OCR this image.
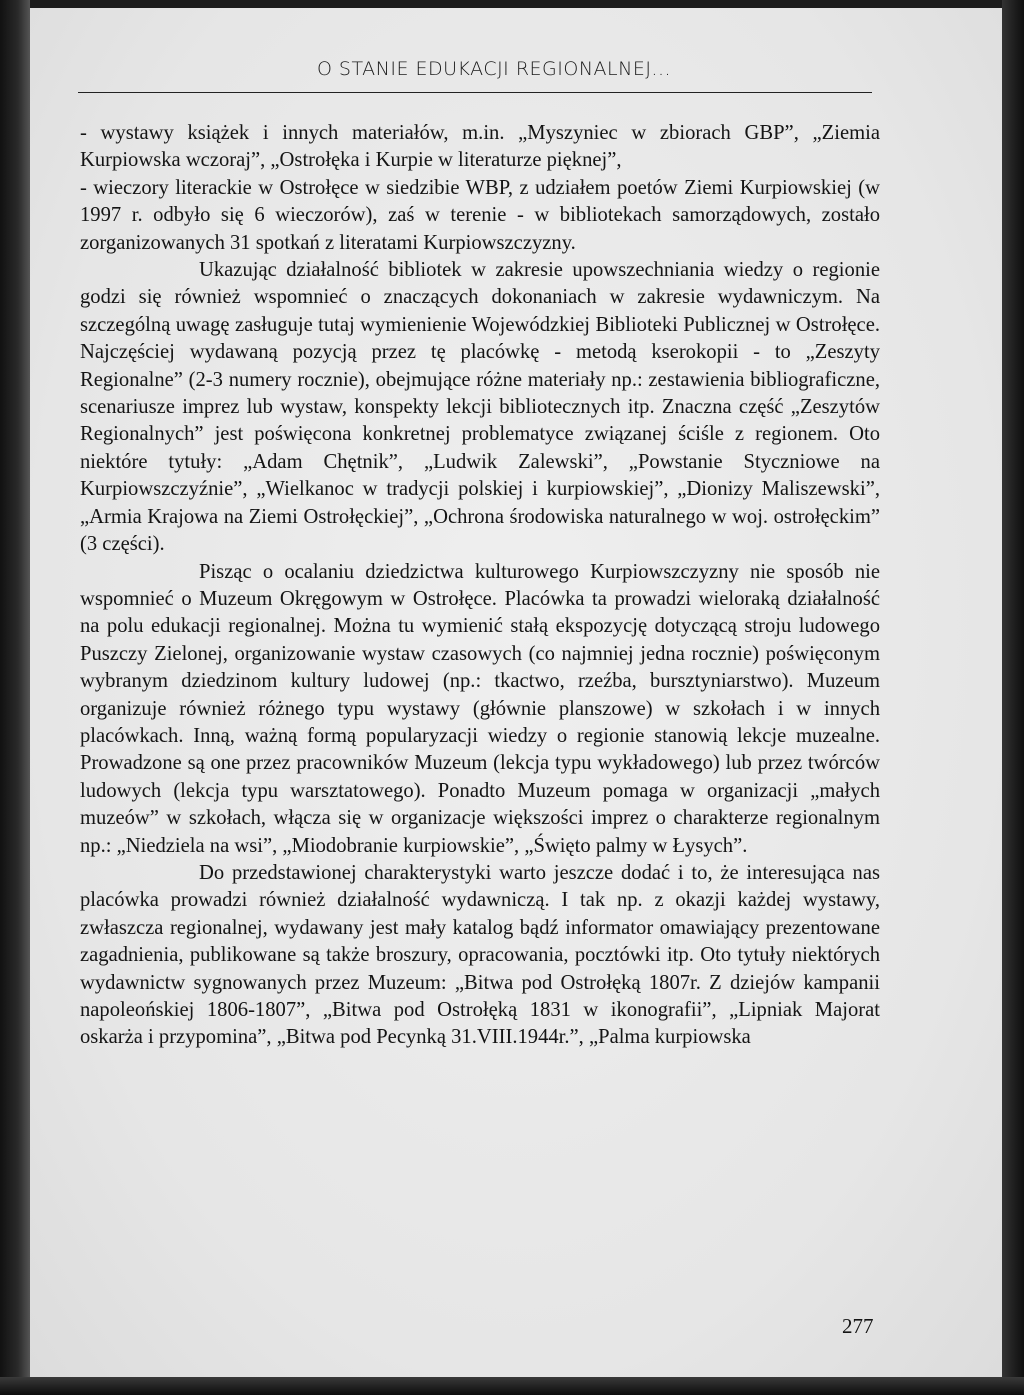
O STANIE EDUKACJI REGIONALNEJ...

- wystawy książek i innych materiałów, m.in. „Myszyniec w zbiorach GBP”, „Ziemia Kurpiowska wczoraj”, „Ostrołęka i Kurpie w literaturze pięknej”,

- wieczory literackie w Ostrołęce w siedzibie WBP, z udziałem poetów Ziemi Kurpiowskiej (w 1997 r. odbyło się 6 wieczorów), zaś w terenie - w bibliotekach samorządowych, zostało zorganizowanych 31 spotkań z literatami Kurpiowszczyzny.

Ukazując działalność bibliotek w zakresie upowszechniania wiedzy o regionie godzi się również wspomnieć o znaczących dokonaniach w zakresie wydawniczym. Na szczególną uwagę zasługuje tutaj wymienienie Wojewódzkiej Biblioteki Publicznej w Ostrołęce. Najczęściej wydawaną pozycją przez tę placówkę - metodą kserokopii - to „Zeszyty Regionalne” (2-3 numery rocznie), obejmujące różne materiały np.: zestawienia bibliograficzne, scenariusze imprez lub wystaw, konspekty lekcji bibliotecznych itp. Znaczna część „Zeszytów Regionalnych” jest poświęcona konkretnej problematyce związanej ściśle z regionem. Oto niektóre tytuły: „Adam Chętnik”, „Ludwik Zalewski”, „Powstanie Styczniowe na Kurpiowszczyźnie”, „Wielkanoc w tradycji polskiej i kurpiowskiej”, „Dionizy Maliszewski”, „Armia Krajowa na Ziemi Ostrołęckiej”, „Ochrona środowiska naturalnego w woj. ostrołęckim” (3 części).

Pisząc o ocalaniu dziedzictwa kulturowego Kurpiowszczyzny nie sposób nie wspomnieć o Muzeum Okręgowym w Ostrołęce. Placówka ta prowadzi wieloraką działalność na polu edukacji regionalnej. Można tu wymienić stałą ekspozycję dotyczącą stroju ludowego Puszczy Zielonej, organizowanie wystaw czasowych (co najmniej jedna rocznie) poświęconym wybranym dziedzinom kultury ludowej (np.: tkactwo, rzeźba, bursztyniarstwo). Muzeum organizuje również różnego typu wystawy (głównie planszowe) w szkołach i w innych placówkach. Inną, ważną formą popularyzacji wiedzy o regionie stanowią lekcje muzealne. Prowadzone są one przez pracowników Muzeum (lekcja typu wykładowego) lub przez twórców ludowych (lekcja typu warsztatowego). Ponadto Muzeum pomaga w organizacji „małych muzeów” w szkołach, włącza się w organizacje większości imprez o charakterze regionalnym np.: „Niedziela na wsi”, „Miodobranie kurpiowskie”, „Święto palmy w Łysych”.

Do przedstawionej charakterystyki warto jeszcze dodać i to, że interesująca nas placówka prowadzi również działalność wydawniczą. I tak np. z okazji każdej wystawy, zwłaszcza regionalnej, wydawany jest mały katalog bądź informator omawiający prezentowane zagadnienia, publikowane są także broszury, opracowania, pocztówki itp. Oto tytuły niektórych wydawnictw sygnowanych przez Muzeum: „Bitwa pod Ostrołęką 1807r. Z dziejów kampanii napoleońskiej 1806-1807”, „Bitwa pod Ostrołęką 1831 w ikonografii”, „Lipniak Majorat oskarża i przypomina”, „Bitwa pod Pecynką 31.VIII.1944r.”, „Palma kurpiowska

277
